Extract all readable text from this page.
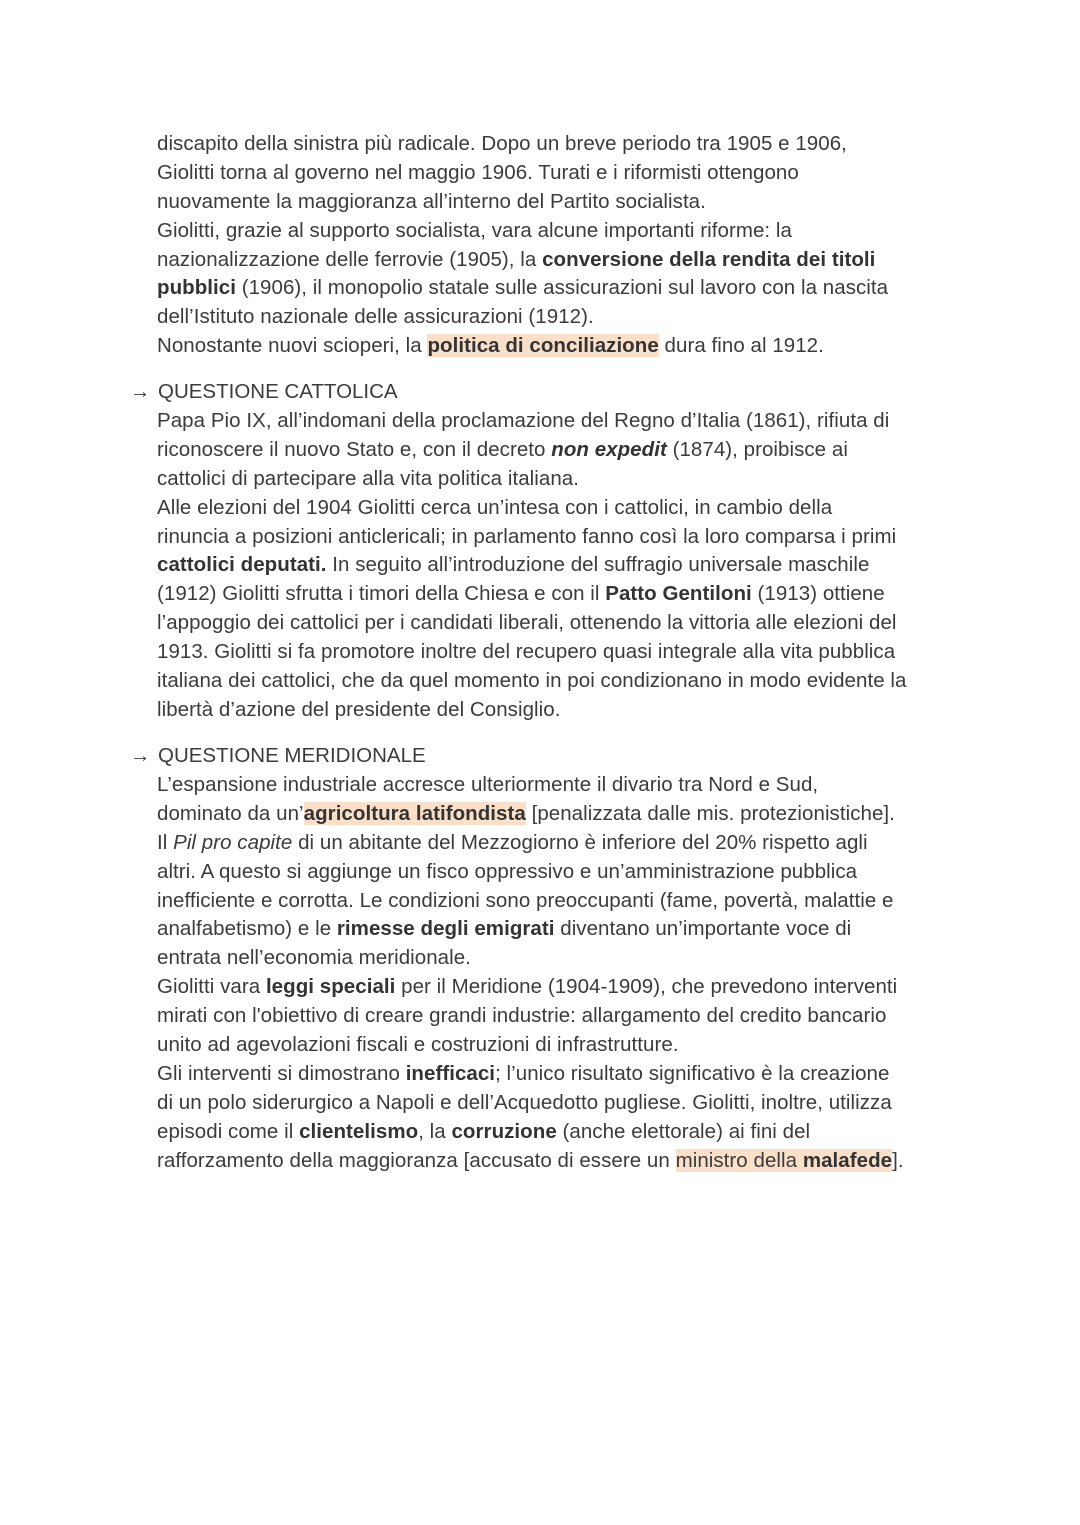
discapito della sinistra più radicale. Dopo un breve periodo tra 1905 e 1906,
Giolitti torna al governo nel maggio 1906. Turati e i riformisti ottengono
nuovamente la maggioranza all’interno del Partito socialista.
Giolitti, grazie al supporto socialista, vara alcune importanti riforme: la
nazionalizzazione delle ferrovie (1905), la conversione della rendita dei titoli
pubblici (1906), il monopolio statale sulle assicurazioni sul lavoro con la nascita
dell’Istituto nazionale delle assicurazioni (1912).
Nonostante nuovi scioperi, la politica di conciliazione dura fino al 1912.
→ QUESTIONE CATTOLICA
Papa Pio IX, all’indomani della proclamazione del Regno d’Italia (1861), rifiuta di
riconoscere il nuovo Stato e, con il decreto non expedit (1874), proibisce ai
cattolici di partecipare alla vita politica italiana.
Alle elezioni del 1904 Giolitti cerca un’intesa con i cattolici, in cambio della
rinuncia a posizioni anticlericali; in parlamento fanno così la loro comparsa i primi
cattolici deputati. In seguito all’introduzione del suffragio universale maschile
(1912) Giolitti sfrutta i timori della Chiesa e con il Patto Gentiloni (1913) ottiene
l’appoggio dei cattolici per i candidati liberali, ottenendo la vittoria alle elezioni del
1913. Giolitti si fa promotore inoltre del recupero quasi integrale alla vita pubblica
italiana dei cattolici, che da quel momento in poi condizionano in modo evidente la
libertà d’azione del presidente del Consiglio.
→ QUESTIONE MERIDIONALE
L’espansione industriale accresce ulteriormente il divario tra Nord e Sud,
dominato da un’agricoltura latifondista [penalizzata dalle mis. protezionistiche].
Il Pil pro capite di un abitante del Mezzogiorno è inferiore del 20% rispetto agli
altri. A questo si aggiunge un fisco oppressivo e un’amministrazione pubblica
inefficiente e corrotta. Le condizioni sono preoccupanti (fame, povertà, malattie e
analfabetismo) e le rimesse degli emigrati diventano un’importante voce di
entrata nell’economia meridionale.
Giolitti vara leggi speciali per il Meridione (1904-1909), che prevedono interventi
mirati con l'obiettivo di creare grandi industrie: allargamento del credito bancario
unito ad agevolazioni fiscali e costruzioni di infrastrutture.
Gli interventi si dimostrano inefficaci; l’unico risultato significativo è la creazione
di un polo siderurgico a Napoli e dell’Acquedotto pugliese. Giolitti, inoltre, utilizza
episodi come il clientelismo, la corruzione (anche elettorale) ai fini del
rafforzamento della maggioranza [accusato di essere un ministro della malafede].
